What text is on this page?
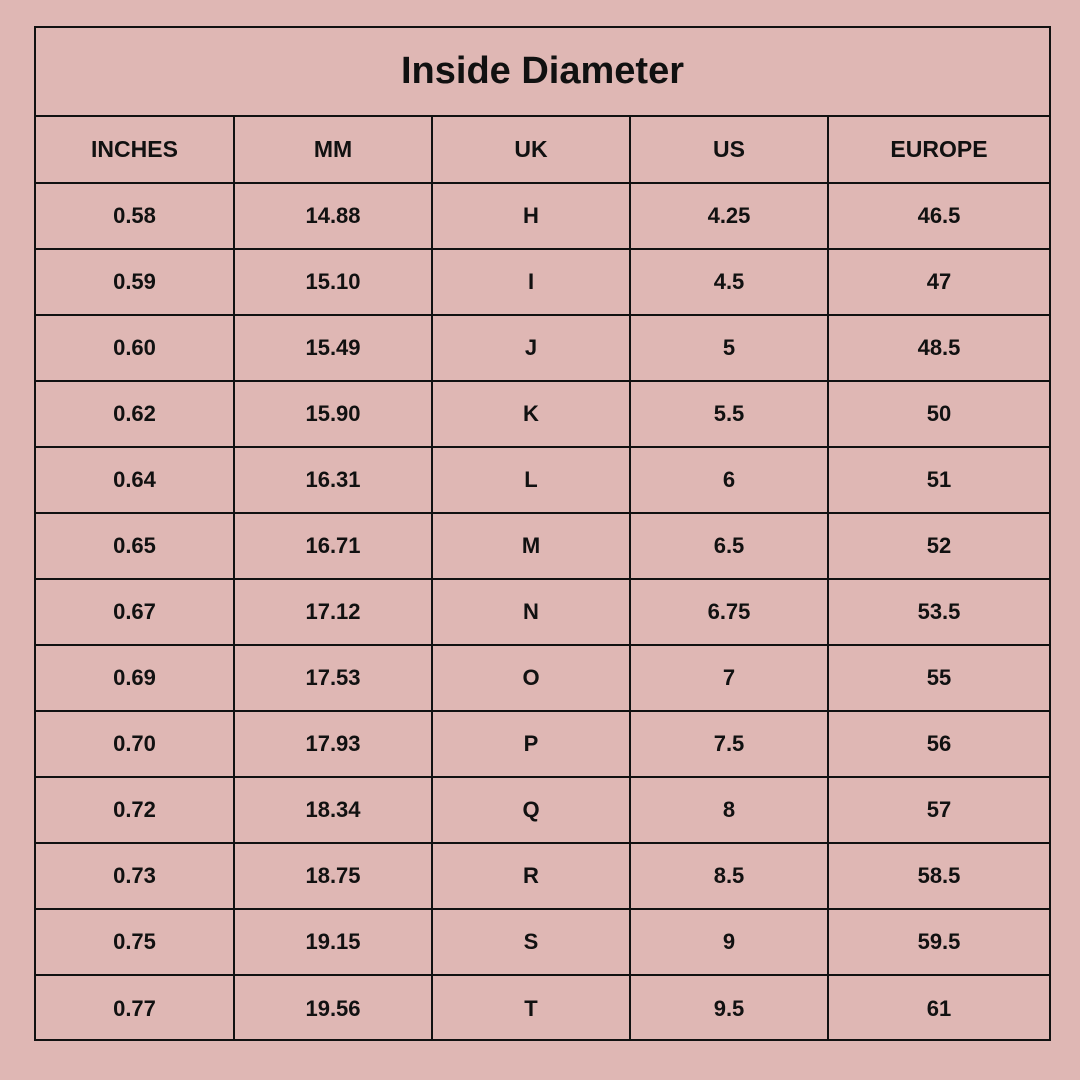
Inside Diameter
INCHES	MM	UK	US	EUROPE
0.58	14.88	H	4.25	46.5
0.59	15.10	I	4.5	47
0.60	15.49	J	5	48.5
0.62	15.90	K	5.5	50
0.64	16.31	L	6	51
0.65	16.71	M	6.5	52
0.67	17.12	N	6.75	53.5
0.69	17.53	O	7	55
0.70	17.93	P	7.5	56
0.72	18.34	Q	8	57
0.73	18.75	R	8.5	58.5
0.75	19.15	S	9	59.5
0.77	19.56	T	9.5	61
